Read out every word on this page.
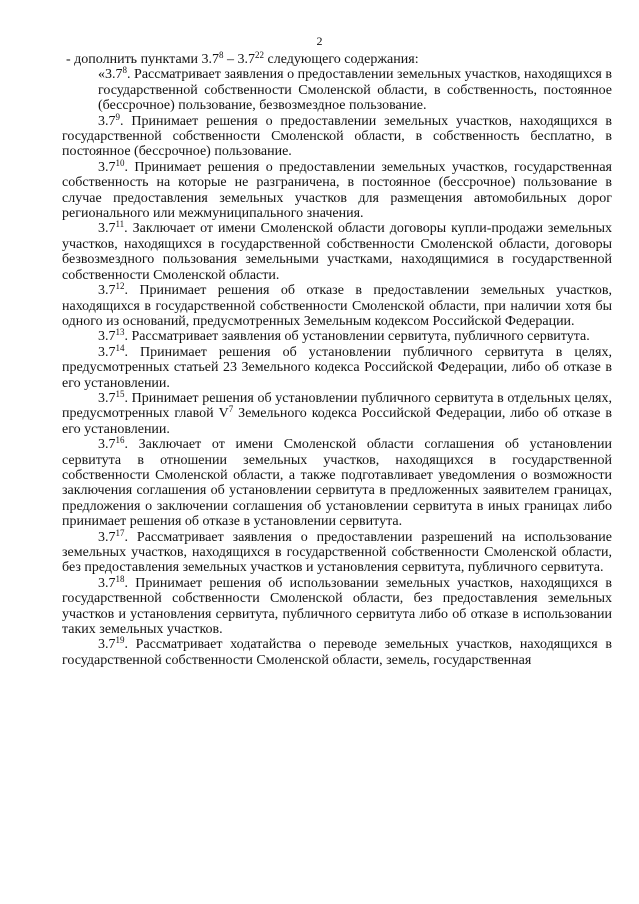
2

- дополнить пунктами $3.7^8 - 3.7^{22}$ следующего содержания:

«$3.7^8$. Рассматривает заявления о предоставлении земельных участков, находящихся в государственной собственности Смоленской области, в собственность, постоянное (бессрочное) пользование, безвозмездное пользование.

$3.7^9$. Принимает решения о предоставлении земельных участков, находящихся в государственной собственности Смоленской области, в собственность бесплатно, в постоянное (бессрочное) пользование.

$3.7^{10}$. Принимает решения о предоставлении земельных участков, государственная собственность на которые не разграничена, в постоянное (бессрочное) пользование в случае предоставления земельных участков для размещения автомобильных дорог регионального или межмуниципального значения.

$3.7^{11}$. Заключает от имени Смоленской области договоры купли-продажи земельных участков, находящихся в государственной собственности Смоленской области, договоры безвозмездного пользования земельными участками, находящимися в государственной собственности Смоленской области.

$3.7^{12}$. Принимает решения об отказе в предоставлении земельных участков, находящихся в государственной собственности Смоленской области, при наличии хотя бы одного из оснований, предусмотренных Земельным кодексом Российской Федерации.

$3.7^{13}$. Рассматривает заявления об установлении сервитута, публичного сервитута.

$3.7^{14}$. Принимает решения об установлении публичного сервитута в целях, предусмотренных статьей 23 Земельного кодекса Российской Федерации, либо об отказе в его установлении.

$3.7^{15}$. Принимает решения об установлении публичного сервитута в отдельных целях, предусмотренных главой $V^7$ Земельного кодекса Российской Федерации, либо об отказе в его установлении.

$3.7^{16}$. Заключает от имени Смоленской области соглашения об установлении сервитута в отношении земельных участков, находящихся в государственной собственности Смоленской области, а также подготавливает уведомления о возможности заключения соглашения об установлении сервитута в предложенных заявителем границах, предложения о заключении соглашения об установлении сервитута в иных границах либо принимает решения об отказе в установлении сервитута.

$3.7^{17}$. Рассматривает заявления о предоставлении разрешений на использование земельных участков, находящихся в государственной собственности Смоленской области, без предоставления земельных участков и установления сервитута, публичного сервитута.

$3.7^{18}$. Принимает решения об использовании земельных участков, находящихся в государственной собственности Смоленской области, без предоставления земельных участков и установления сервитута, публичного сервитута либо об отказе в использовании таких земельных участков.

$3.7^{19}$. Рассматривает ходатайства о переводе земельных участков, находящихся в государственной собственности Смоленской области, земель, государственная
